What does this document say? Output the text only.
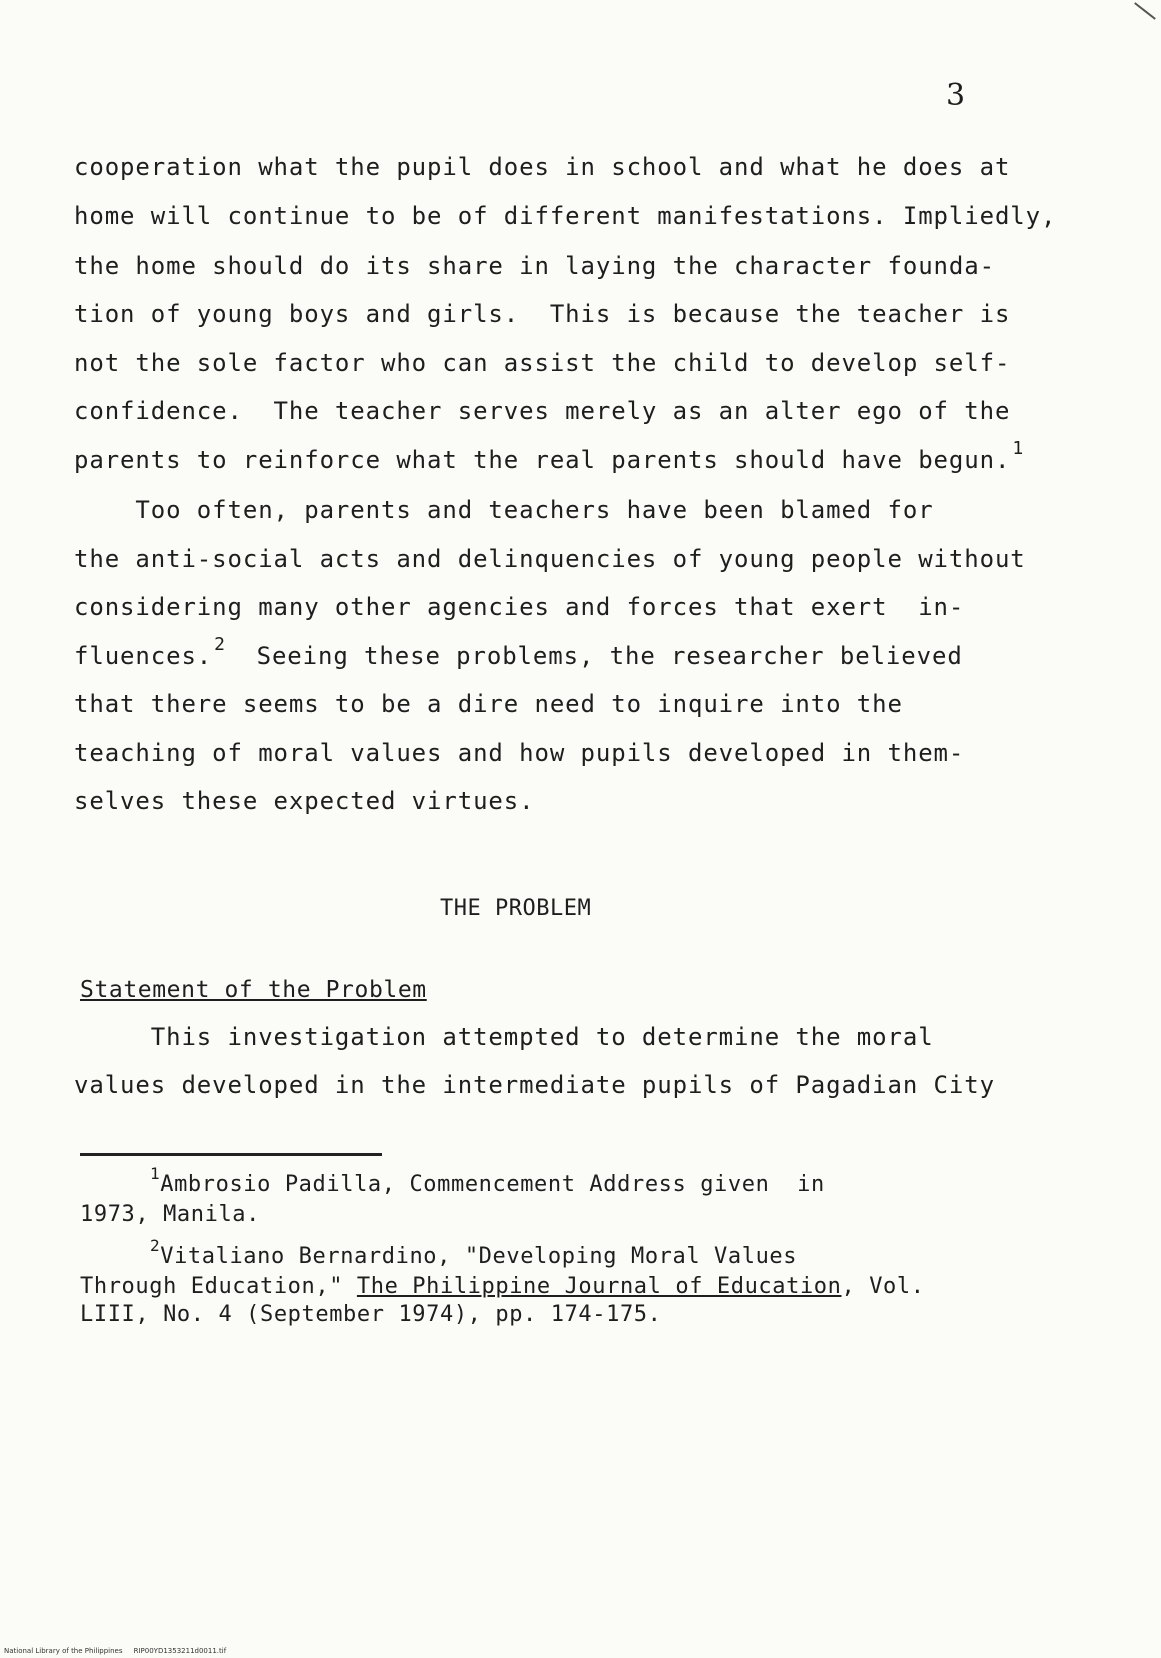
3
cooperation what the pupil does in school and what he does at
home will continue to be of different manifestations. Impliedly,
the home should do its share in laying the character founda-
tion of young boys and girls.  This is because the teacher is
not the sole factor who can assist the child to develop self-
confidence.  The teacher serves merely as an alter ego of the
parents to reinforce what the real parents should have begun. $^1$
Too often, parents and teachers have been blamed for
the anti-social acts and delinquencies of young people without
considering many other agencies and forces that exert  in-
fluences. $^2$  Seeing these problems, the researcher believed
that there seems to be a dire need to inquire into the
teaching of moral values and how pupils developed in them-
selves these expected virtues.
THE PROBLEM
Statement of the Problem
This investigation attempted to determine the moral
values developed in the intermediate pupils of Pagadian City
$^1$Ambrosio Padilla, Commencement Address given  in
1973, Manila.
$^2$Vitaliano Bernardino, "Developing Moral Values
Through Education," The Philippine Journal of Education, Vol.
LIII, No. 4 (September 1974), pp. 174-175.
National Library of the Philippines     RIP00YD1353211d0011.tif
